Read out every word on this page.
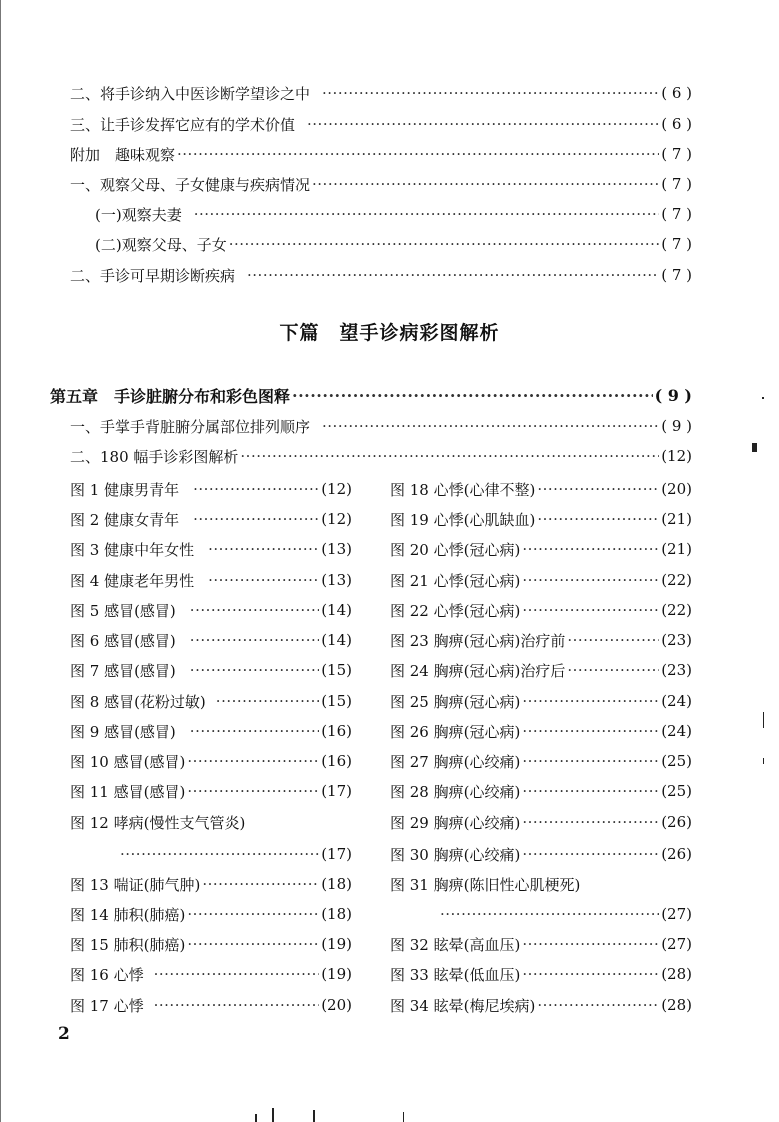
二、将手诊纳入中医诊断学望诊之中 ·····	( 6 )
三、让手诊发挥它应有的学术价值 ·····	( 6 )
附加　趣味观察 ·····	( 7 )
一、观察父母、子女健康与疾病情况 ·····	( 7 )
(一)观察夫妻 ·····	( 7 )
(二)观察父母、子女 ·····	( 7 )
二、手诊可早期诊断疾病 ·····	( 7 )
下篇　望手诊病彩图解析
第五章　手诊脏腑分布和彩色图释 ·····	( 9 )
一、手掌手背脏腑分属部位排列顺序 ·····	( 9 )
二、180 幅手诊彩图解析 ·····	(12)
图 1 健康男青年 ·····	(12)
图 2 健康女青年 ·····	(12)
图 3 健康中年女性 ·····	(13)
图 4 健康老年男性 ·····	(13)
图 5 感冒(感冒) ·····	(14)
图 6 感冒(感冒) ·····	(14)
图 7 感冒(感冒) ·····	(15)
图 8 感冒(花粉过敏) ·····	(15)
图 9 感冒(感冒) ·····	(16)
图 10 感冒(感冒) ·····	(16)
图 11 感冒(感冒) ·····	(17)
图 12 哮病(慢性支气管炎)
·····
(17)
图 13 喘证(肺气肿) ·····	(18)
图 14 肺积(肺癌) ·····	(18)
图 15 肺积(肺癌) ·····	(19)
图 16 心悸 ·····	(19)
图 17 心悸 ·····	(20)
图 18 心悸(心律不整) ·····	(20)
图 19 心悸(心肌缺血) ·····	(21)
图 20 心悸(冠心病) ·····	(21)
图 21 心悸(冠心病) ·····	(22)
图 22 心悸(冠心病) ·····	(22)
图 23 胸痹(冠心病)治疗前 ·····	(23)
图 24 胸痹(冠心病)治疗后 ·····	(23)
图 25 胸痹(冠心病) ·····	(24)
图 26 胸痹(冠心病) ·····	(24)
图 27 胸痹(心绞痛) ·····	(25)
图 28 胸痹(心绞痛) ·····	(25)
图 29 胸痹(心绞痛) ·····	(26)
图 30 胸痹(心绞痛) ·····	(26)
图 31 胸痹(陈旧性心肌梗死)
·····
(27)
图 32 眩晕(高血压) ·····	(27)
图 33 眩晕(低血压) ·····	(28)
图 34 眩晕(梅尼埃病) ·····	(28)
2
